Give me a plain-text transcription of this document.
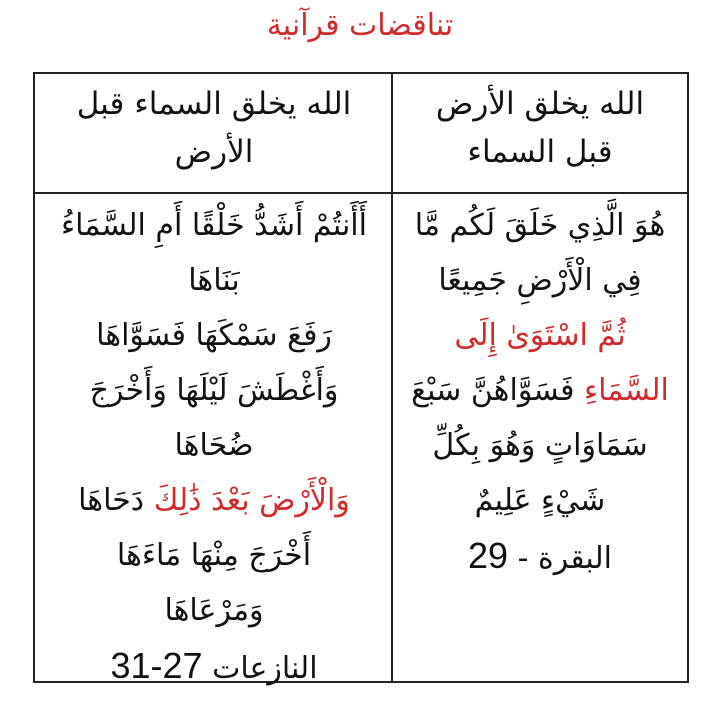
تناقضات قرآنية
الله يخلق الأرض
قبل السماء
الله يخلق السماء قبل
الأرض
هُوَ الَّذِي خَلَقَ لَكُم مَّا
فِي الْأَرْضِ جَمِيعًا
ثُمَّ اسْتَوَىٰ إِلَى
السَّمَاءِ فَسَوَّاهُنَّ سَبْعَ
سَمَاوَاتٍ وَهُوَ بِكُلِّ
شَيْءٍ عَلِيمٌ
البقرة - 29
أَأَنتُمْ أَشَدُّ خَلْقًا أَمِ السَّمَاءُ
بَنَاهَا
رَفَعَ سَمْكَهَا فَسَوَّاهَا
وَأَغْطَشَ لَيْلَهَا وَأَخْرَجَ
ضُحَاهَا
وَالْأَرْضَ بَعْدَ ذَٰلِكَ دَحَاهَا
أَخْرَجَ مِنْهَا مَاءَهَا
وَمَرْعَاهَا
النازعات 27-31
